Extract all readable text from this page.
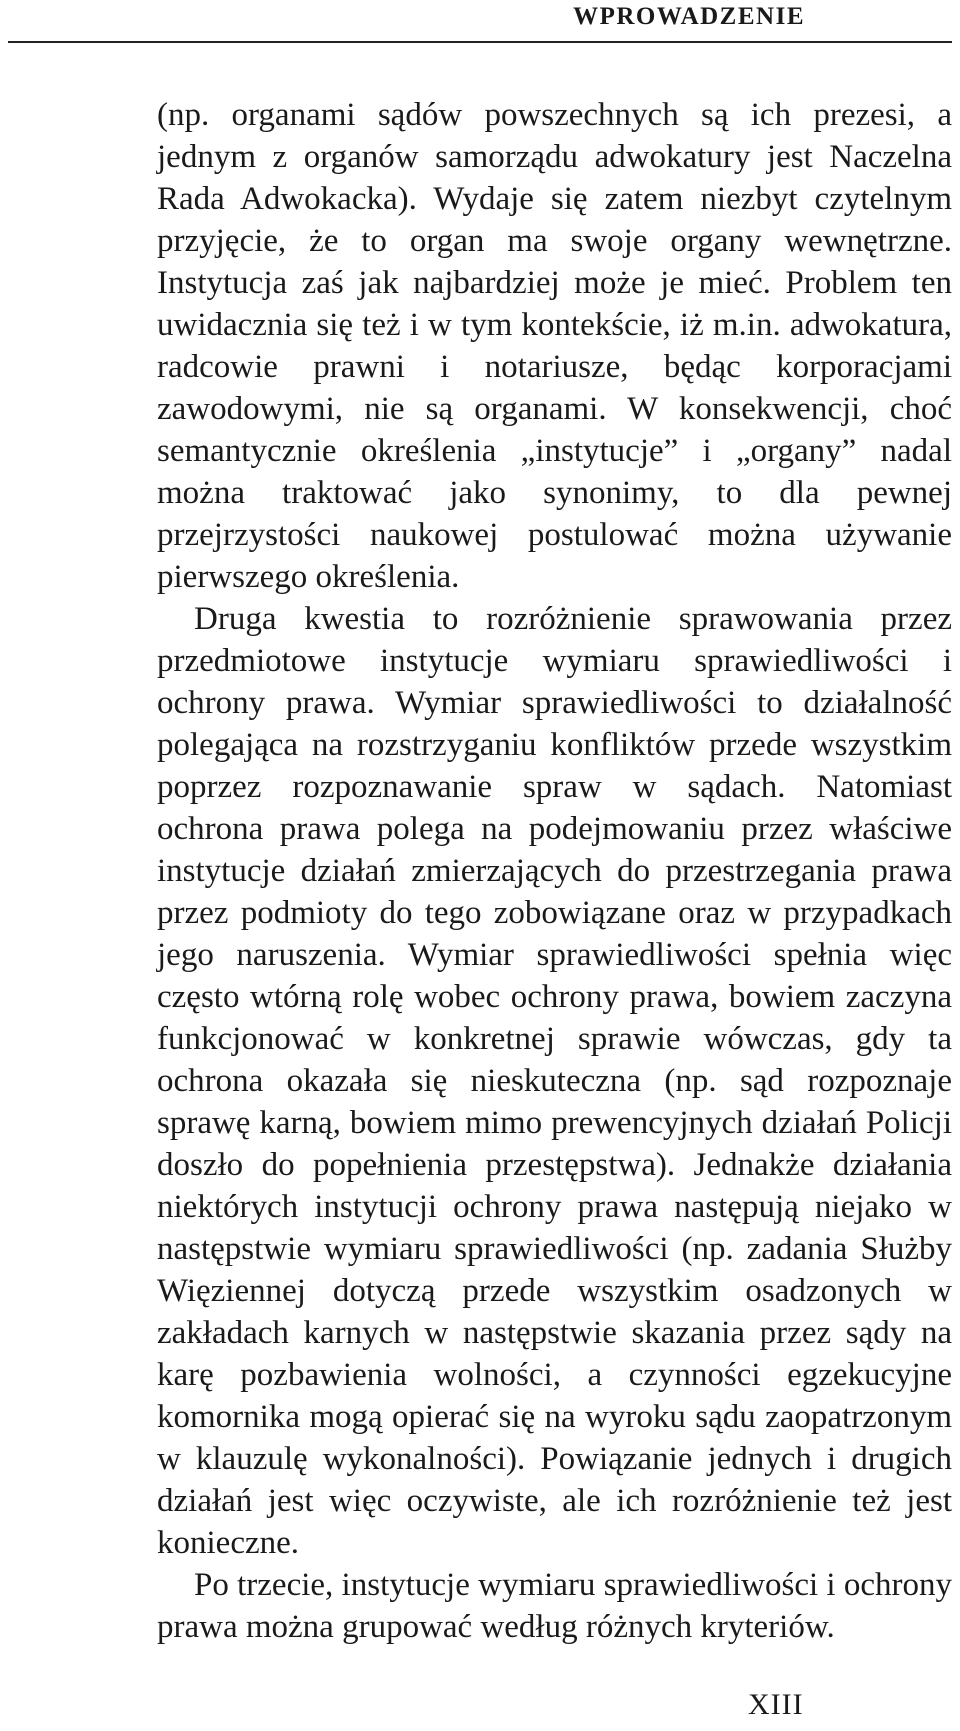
WPROWADZENIE

(np. organami sądów powszechnych są ich prezesi, a jednym z organów samorządu adwokatury jest Naczelna Rada Adwokacka). Wydaje się zatem niezbyt czytelnym przyjęcie, że to organ ma swoje organy wewnętrzne. Instytucja zaś jak najbardziej może je mieć. Problem ten uwidacznia się też i w tym kontekście, iż m.in. adwokatura, radcowie prawni i notariusze, będąc korporacjami zawodowymi, nie są organami. W konsekwencji, choć semantycznie określenia „instytucje” i „organy” nadal można traktować jako synonimy, to dla pewnej przejrzystości naukowej postulować można używanie pierwszego określenia.

Druga kwestia to rozróżnienie sprawowania przez przedmiotowe instytucje wymiaru sprawiedliwości i ochrony prawa. Wymiar sprawiedliwości to działalność polegająca na rozstrzyganiu konfliktów przede wszystkim poprzez rozpoznawanie spraw w sądach. Natomiast ochrona prawa polega na podejmowaniu przez właściwe instytucje działań zmierzających do przestrzegania prawa przez podmioty do tego zobowiązane oraz w przypadkach jego naruszenia. Wymiar sprawiedliwości spełnia więc często wtórną rolę wobec ochrony prawa, bowiem zaczyna funkcjonować w konkretnej sprawie wówczas, gdy ta ochrona okazała się nieskuteczna (np. sąd rozpoznaje sprawę karną, bowiem mimo prewencyjnych działań Policji doszło do popełnienia przestępstwa). Jednakże działania niektórych instytucji ochrony prawa następują niejako w następstwie wymiaru sprawiedliwości (np. zadania Służby Więziennej dotyczą przede wszystkim osadzonych w zakładach karnych w następstwie skazania przez sądy na karę pozbawienia wolności, a czynności egzekucyjne komornika mogą opierać się na wyroku sądu zaopatrzonym w klauzulę wykonalności). Powiązanie jednych i drugich działań jest więc oczywiste, ale ich rozróżnienie też jest konieczne.

Po trzecie, instytucje wymiaru sprawiedliwości i ochrony prawa można grupować według różnych kryteriów.

XIII
